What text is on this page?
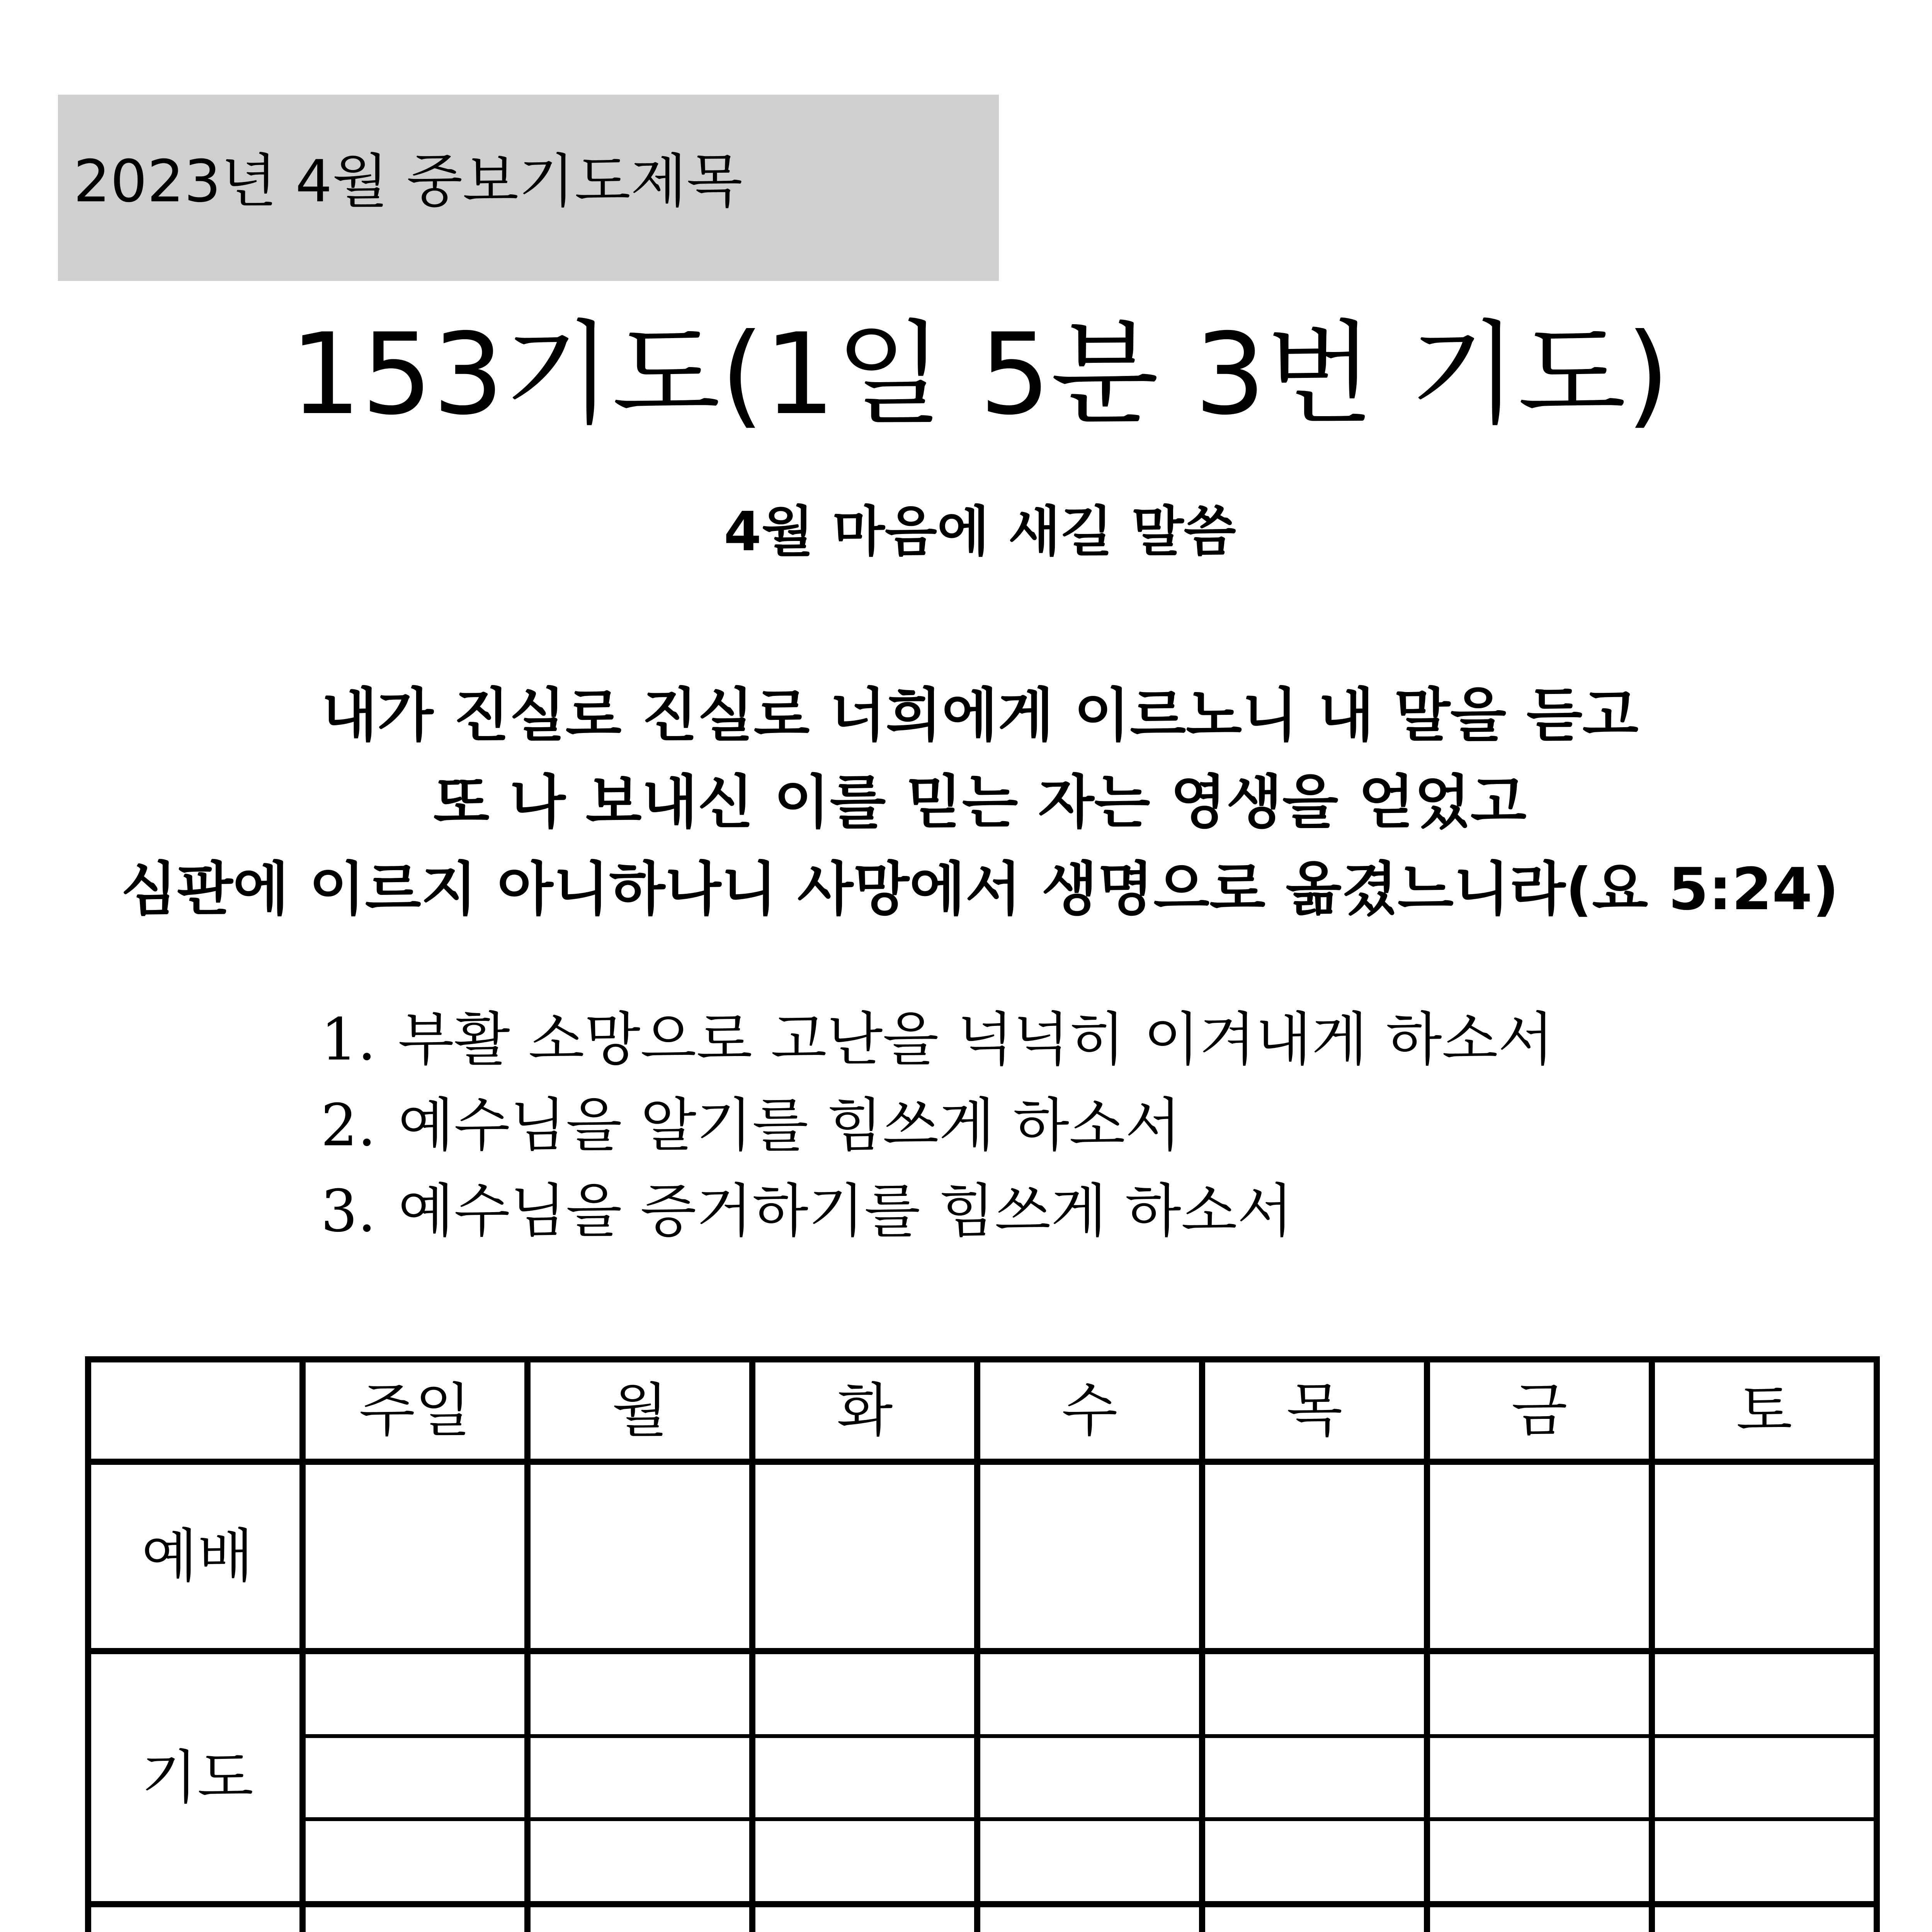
2023년 4월 중보기도제목
153기도(1일 5분 3번 기도)
4월 마음에 새길 말씀
내가 진실로 진실로 너희에게 이르노니 내 말을 듣고
또 나 보내신 이를 믿는 자는 영생을 얻었고
심판에 이르지 아니하나니 사망에서 생명으로 옮겼느니라(요 5:24)
1. 부활 소망으로 고난을 넉넉히 이겨내게 하소서
2. 예수님을 알기를 힘쓰게 하소서
3. 예수님을 증거하기를 힘쓰게 하소서
	주일	월	화	수	목	금	토
예배							
기도							
